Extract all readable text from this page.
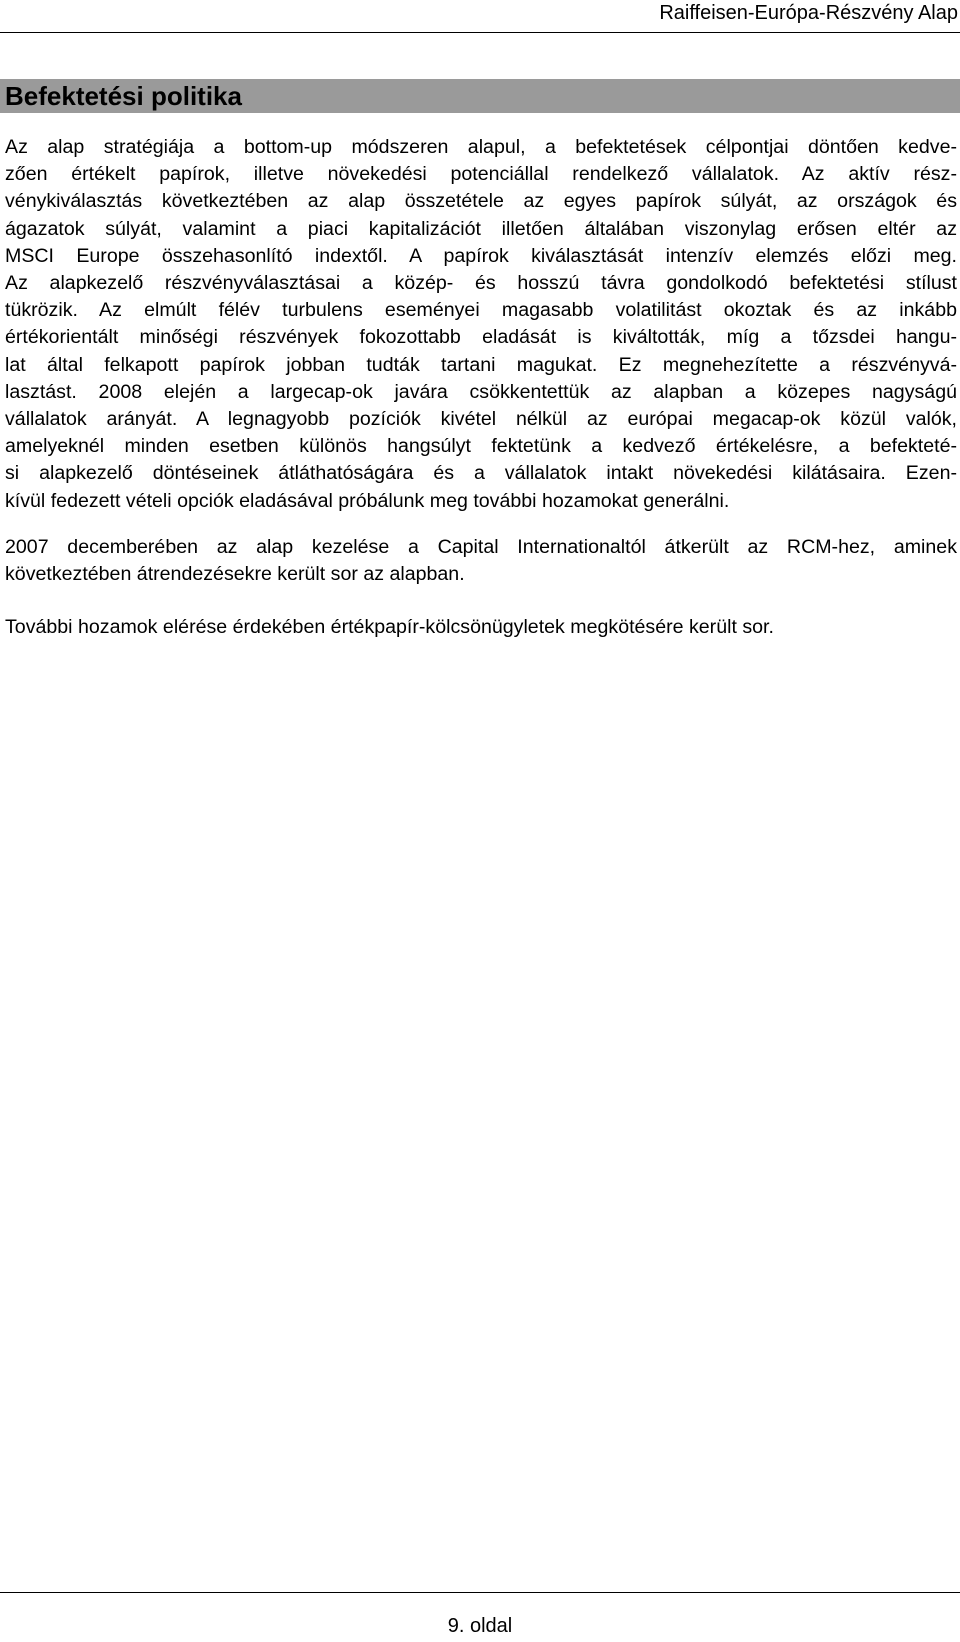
Raiffeisen-Európa-Részvény Alap
Befektetési politika
Az alap stratégiája a bottom-up módszeren alapul, a befektetések célpontjai döntően kedve-
zően értékelt papírok, illetve növekedési potenciállal rendelkező vállalatok. Az aktív rész-
vénykiválasztás következtében az alap összetétele az egyes papírok súlyát, az országok és
ágazatok súlyát, valamint a piaci kapitalizációt illetően általában viszonylag erősen eltér az
MSCI Europe összehasonlító indextől. A papírok kiválasztását intenzív elemzés előzi meg.
Az alapkezelő részvényválasztásai a közép- és hosszú távra gondolkodó befektetési stílust
tükrözik. Az elmúlt félév turbulens eseményei magasabb volatilitást okoztak és az inkább
értékorientált minőségi részvények fokozottabb eladását is kiváltották, míg a tőzsdei hangu-
lat által felkapott papírok jobban tudták tartani magukat. Ez megnehezítette a részvényvá-
lasztást. 2008 elején a largecap-ok javára csökkentettük az alapban a közepes nagyságú
vállalatok arányát. A legnagyobb pozíciók kivétel nélkül az európai megacap-ok közül valók,
amelyeknél minden esetben különös hangsúlyt fektetünk a kedvező értékelésre, a befekteté-
si alapkezelő döntéseinek átláthatóságára és a vállalatok intakt növekedési kilátásaira. Ezen-
kívül fedezett vételi opciók eladásával próbálunk meg további hozamokat generálni.
2007 decemberében az alap kezelése a Capital Internationaltól átkerült az RCM-hez, aminek
következtében átrendezésekre került sor az alapban.
További hozamok elérése érdekében értékpapír-kölcsönügyletek megkötésére került sor.
9. oldal
